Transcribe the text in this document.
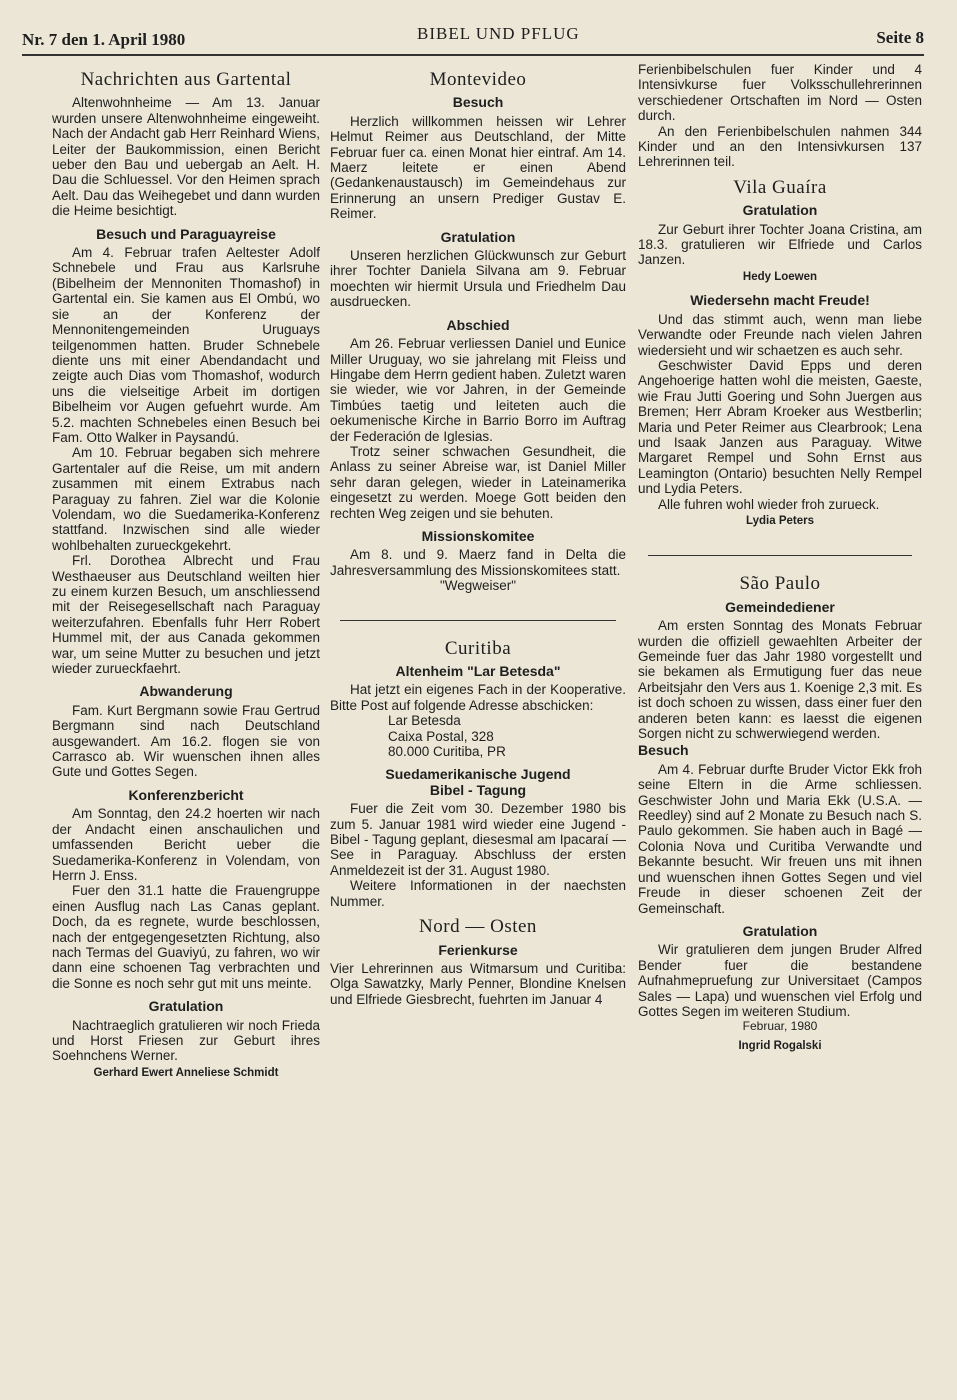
Nr. 7 den 1. April 1980	BIBEL UND PFLUG	Seite 8
Nachrichten aus Gartental

Altenwohnheime — Am 13. Januar wurden unsere Altenwohnheime eingeweiht. Nach der Andacht gab Herr Reinhard Wiens, Leiter der Baukommission, einen Bericht ueber den Bau und uebergab an Aelt. H. Dau die Schluessel. Vor den Heimen sprach Aelt. Dau das Weihegebet und dann wurden die Heime besichtigt.

Besuch und Paraguayreise

Am 4. Februar trafen Aeltester Adolf Schnebele und Frau aus Karlsruhe (Bibelheim der Mennoniten Thomashof) in Gartental ein. Sie kamen aus El Ombú, wo sie an der Konferenz der Mennonitengemeinden Uruguays teilgenommen hatten. Bruder Schnebele diente uns mit einer Abendandacht und zeigte auch Dias vom Thomashof, wodurch uns die vielseitige Arbeit im dortigen Bibelheim vor Augen gefuehrt wurde. Am 5.2. machten Schnebeles einen Besuch bei Fam. Otto Walker in Paysandú.

Am 10. Februar begaben sich mehrere Gartentaler auf die Reise, um mit andern zusammen mit einem Extrabus nach Paraguay zu fahren. Ziel war die Kolonie Volendam, wo die Suedamerika-Konferenz stattfand. Inzwischen sind alle wieder wohlbehalten zurueckgekehrt.

Frl. Dorothea Albrecht und Frau Westhaeuser aus Deutschland weilten hier zu einem kurzen Besuch, um anschliessend mit der Reisegesellschaft nach Paraguay weiterzufahren. Ebenfalls fuhr Herr Robert Hummel mit, der aus Canada gekommen war, um seine Mutter zu besuchen und jetzt wieder zurueckfaehrt.

Abwanderung

Fam. Kurt Bergmann sowie Frau Gertrud Bergmann sind nach Deutschland ausgewandert. Am 16.2. flogen sie von Carrasco ab. Wir wuenschen ihnen alles Gute und Gottes Segen.

Konferenzbericht

Am Sonntag, den 24.2 hoerten wir nach der Andacht einen anschaulichen und umfassenden Bericht ueber die Suedamerika-Konferenz in Volendam, von Herrn J. Enss.

Fuer den 31.1 hatte die Frauengruppe einen Ausflug nach Las Canas geplant. Doch, da es regnete, wurde beschlossen, nach der entgegengesetzten Richtung, also nach Termas del Guaviyú, zu fahren, wo wir dann eine schoenen Tag verbrachten und die Sonne es noch sehr gut mit uns meinte.

Gratulation

Nachtraeglich gratulieren wir noch Frieda und Horst Friesen zur Geburt ihres Soehnchens Werner.

Gerhard Ewert Anneliese Schmidt
Montevideo
Besuch

Herzlich willkommen heissen wir Lehrer Helmut Reimer aus Deutschland, der Mitte Februar fuer ca. einen Monat hier eintraf. Am 14. Maerz leitete er einen Abend (Gedankenaustausch) im Gemeindehaus zur Erinnerung an unsern Prediger Gustav E. Reimer.

Gratulation

Unseren herzlichen Glückwunsch zur Geburt ihrer Tochter Daniela Silvana am 9. Februar moechten wir hiermit Ursula und Friedhelm Dau ausdruecken.

Abschied

Am 26. Februar verliessen Daniel und Eunice Miller Uruguay, wo sie jahrelang mit Fleiss und Hingabe dem Herrn gedient haben. Zuletzt waren sie wieder, wie vor Jahren, in der Gemeinde Timbúes taetig und leiteten auch die oekumenische Kirche in Barrio Borro im Auftrag der Federación de Iglesias.

Trotz seiner schwachen Gesundheit, die Anlass zu seiner Abreise war, ist Daniel Miller sehr daran gelegen, wieder in Lateinamerika eingesetzt zu werden. Moege Gott beiden den rechten Weg zeigen und sie behuten.

Missionskomitee

Am 8. und 9. Maerz fand in Delta die Jahresversammlung des Missionskomitees statt.

"Wegweiser"
Curitiba
Altenheim "Lar Betesda"

Hat jetzt ein eigenes Fach in der Kooperative. Bitte Post auf folgende Adresse abschicken:

Lar Betesda
Caixa Postal, 328
80.000 Curitiba, PR
Suedamerikanische Jugend
Bibel - Tagung

Fuer die Zeit vom 30. Dezember 1980 bis zum 5. Januar 1981 wird wieder eine Jugend - Bibel - Tagung geplant, diesesmal am Ipacaraí — See in Paraguay. Abschluss der ersten Anmeldezeit ist der 31. August 1980.

Weitere Informationen in der naechsten Nummer.

Nord — Osten
Ferienkurse

Vier Lehrerinnen aus Witmarsum und Curitiba: Olga Sawatzky, Marly Penner, Blondine Knelsen und Elfriede Giesbrecht, fuehrten im Januar 4

Ferienbibelschulen fuer Kinder und 4 Intensivkurse fuer Volksschullehrerinnen verschiedener Ortschaften im Nord — Osten durch.

An den Ferienbibelschulen nahmen 344 Kinder und an den Intensivkursen 137 Lehrerinnen teil.

Vila Guaíra
Gratulation

Zur Geburt ihrer Tochter Joana Cristina, am 18.3. gratulieren wir Elfriede und Carlos Janzen.

Hedy Loewen
Wiedersehn macht Freude!

Und das stimmt auch, wenn man liebe Verwandte oder Freunde nach vielen Jahren wiedersieht und wir schaetzen es auch sehr.

Geschwister David Epps und deren Angehoerige hatten wohl die meisten, Gaeste, wie Frau Jutti Goering und Sohn Juergen aus Bremen; Herr Abram Kroeker aus Westberlin; Maria und Peter Reimer aus Clearbrook; Lena und Isaak Janzen aus Paraguay. Witwe Margaret Rempel und Sohn Ernst aus Leamington (Ontario) besuchten Nelly Rempel und Lydia Peters.

Alle fuhren wohl wieder froh zurueck.

Lydia Peters
São Paulo
Gemeindediener

Am ersten Sonntag des Monats Februar wurden die offiziell gewaehlten Arbeiter der Gemeinde fuer das Jahr 1980 vorgestellt und sie bekamen als Ermutigung fuer das neue Arbeitsjahr den Vers aus 1. Koenige 2,3 mit. Es ist doch schoen zu wissen, dass einer fuer den anderen beten kann: es laesst die eigenen Sorgen nicht zu schwerwiegend werden.

Besuch

Am 4. Februar durfte Bruder Victor Ekk froh seine Eltern in die Arme schliessen. Geschwister John und Maria Ekk (U.S.A. — Reedley) sind auf 2 Monate zu Besuch nach S. Paulo gekommen. Sie haben auch in Bagé — Colonia Nova und Curitiba Verwandte und Bekannte besucht. Wir freuen uns mit ihnen und wuenschen ihnen Gottes Segen und viel Freude in dieser schoenen Zeit der Gemeinschaft.

Gratulation

Wir gratulieren dem jungen Bruder Alfred Bender fuer die bestandene Aufnahmepruefung zur Universitaet (Campos Sales — Lapa) und wuenschen viel Erfolg und Gottes Segen im weiteren Studium.

Februar, 1980
Ingrid Rogalski
